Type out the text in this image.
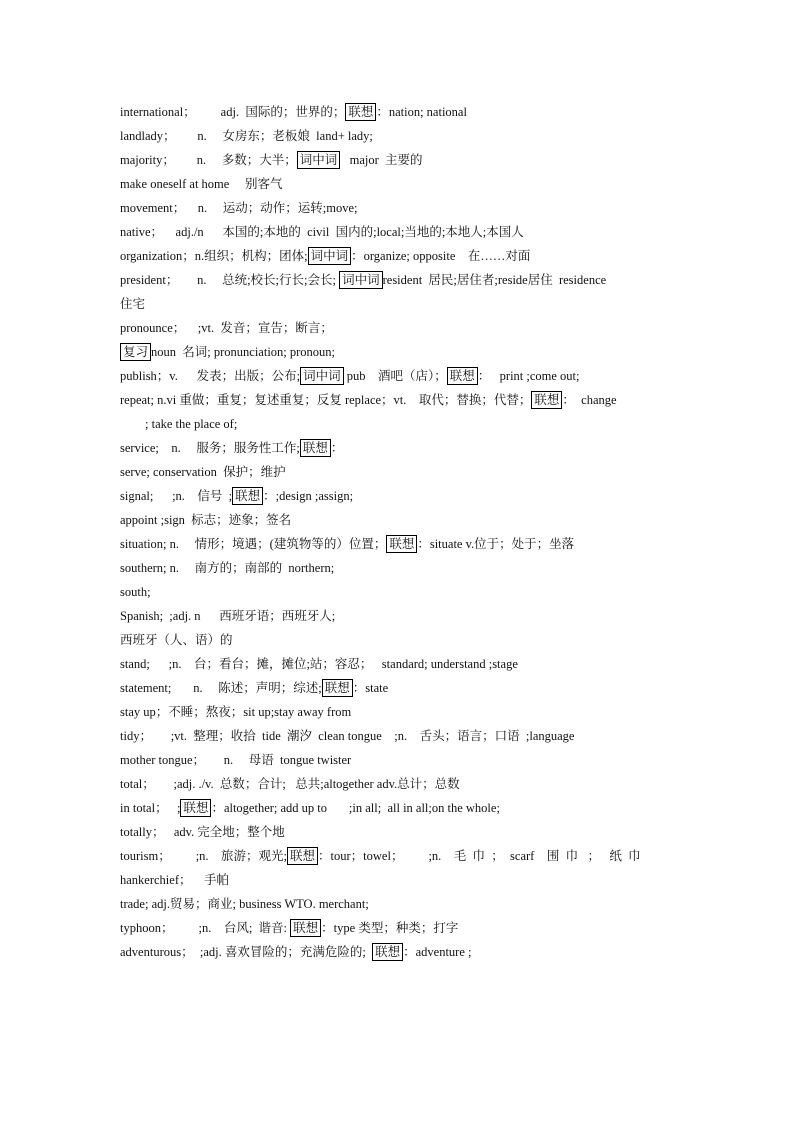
international；        adj.  国际的；世界的； 联想 ：nation; national
landlady；       n.     女房东；老板娘  land+ lady;
majority；       n.     多数；大半； 词中词   major  主要的
make oneself at home     别客气
movement；    n.     运动；动作；运转;move;
native；    adj./n      本国的;本地的  civil  国内的;local;当地的;本地人;本国人
organization；n.组织；机构；团体; 词中词 ：organize; opposite    在……对面
president；      n.     总统;校长;行长;会长; 词中词 resident  居民;居住者;reside居住  residence
住宅
pronounce；    ;vt.  发音；宣告；断言；
复习 noun  名词; pronunciation; pronoun;
publish；v.      发表；出版；公布; 词中词 pub    酒吧（店）； 联想 ：   print ;come out;
repeat; n.vi 重做；重复；复述重复；反复 replace；vt.    取代；替换；代替； 联想 ：  change
; take the place of;
service;    n.     服务；服务性工作; 联想 ：
serve; conservation  保护；维护
signal;      ;n.    信号  ; 联想 ：;design ;assign;
appoint ;sign  标志；迹象；签名
situation; n.     情形；境遇；(建筑物等的）位置； 联想 ：situate v.位于；处于；坐落
southern; n.     南方的；南部的  northern;
south;
Spanish;  ;adj. n      西班牙语；西班牙人;
西班牙（人、语）的
stand;      ;n.    台；看台；摊，摊位;站；容忍；   standard; understand ;stage
statement;       n.     陈述；声明；综述; 联想 ：state
stay up；不睡；熬夜；sit up;stay away from
tidy；      ;vt.  整理；收拾  tide  潮汐  clean tongue    ;n.    舌头；语言；口语  ;language
mother tongue；      n.     母语  tongue twister
total；      ;adj. ./v.  总数；合计;   总共;altogether adv.总计；总数
in total；   ; 联想 ：altogether; add up to       ;in all;  all in all;on the whole;
totally；   adv. 完全地；整个地
tourism；        ;n.    旅游；观光; 联想 ：tour；towel；        ;n.    毛  巾  ；  scarf    围  巾   ；   纸  巾
hankerchief；    手帕
trade; adj.贸易；商业; business WTO. merchant;
typhoon；        ;n.    台风;  谐音: 联想 ：type 类型；种类；打字
adventurous；  ;adj. 喜欢冒险的；充满危险的;  联想 ：adventure ;
